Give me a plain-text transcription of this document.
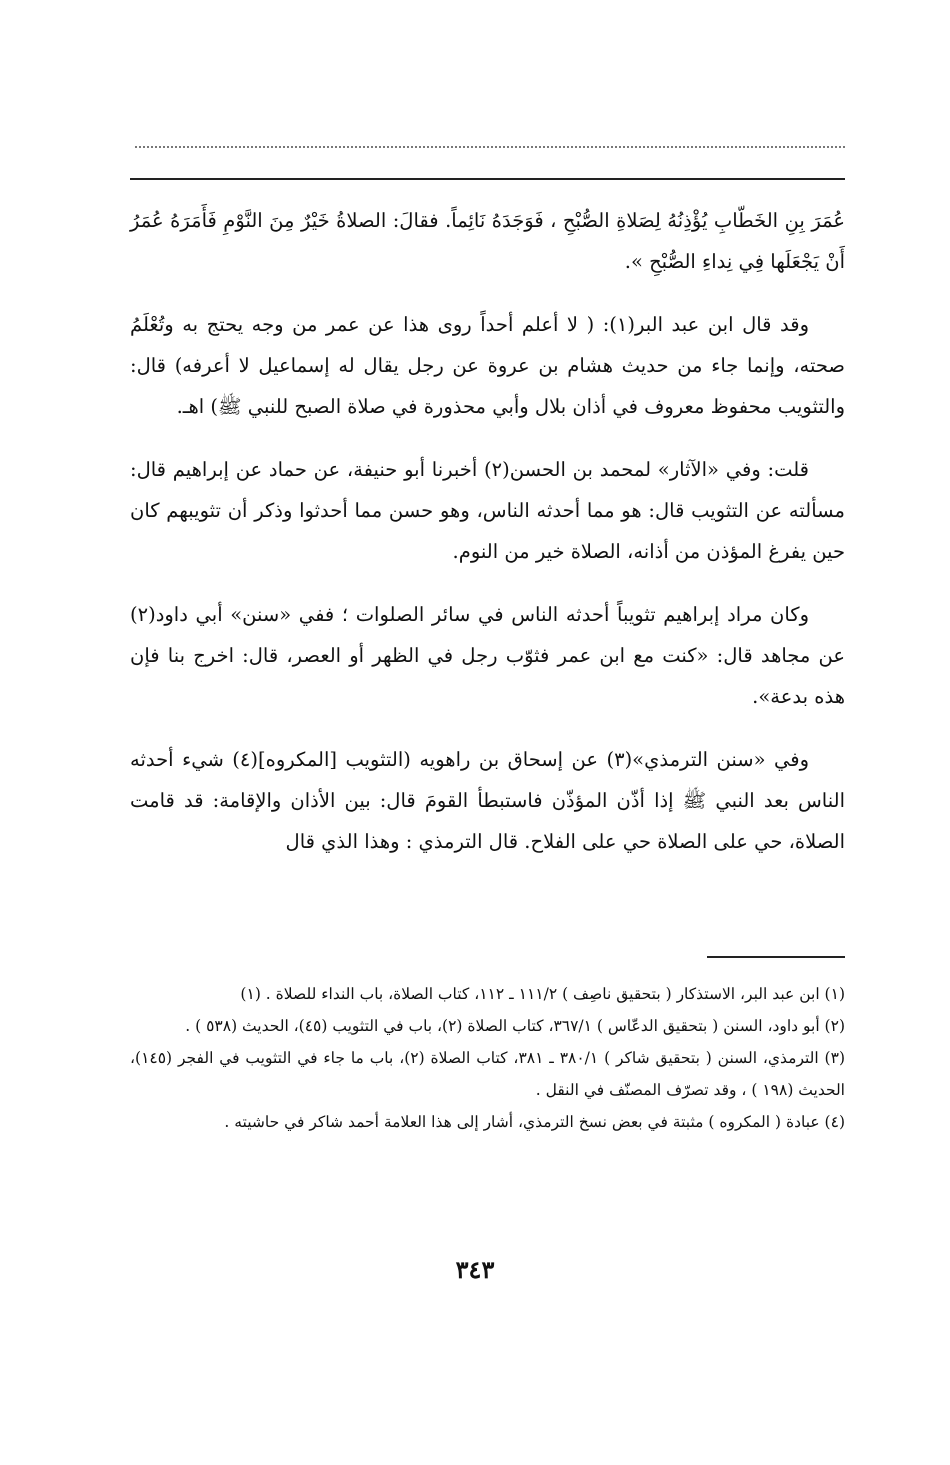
عُمَرَ بِنِ الخَطّابِ يُؤْذِنُهُ لِصَلاةِ الصُّبْحِ ، فَوَجَدَهُ نَائِماً. فقالَ: الصلاةُ خَيْرٌ مِنَ النَّوْمِ فَأَمَرَهُ عُمَرُ أَنْ يَجْعَلَها فِي نِداءِ الصُّبْحِ ».

وقد قال ابن عبد البر(١): ( لا أعلم أحداً روى هذا عن عمر من وجه يحتج به وتُعْلَمُ صحته، وإنما جاء من حديث هشام بن عروة عن رجل يقال له إسماعيل لا أعرفه) قال: والتثويب محفوظ معروف في أذان بلال وأبي محذورة في صلاة الصبح للنبي ﷺ) اهـ.

قلت: وفي «الآثار» لمحمد بن الحسن(٢) أخبرنا أبو حنيفة، عن حماد عن إبراهيم قال: مسألته عن التثويب قال: هو مما أحدثه الناس، وهو حسن مما أحدثوا وذكر أن تثويبهم كان حين يفرغ المؤذن من أذانه، الصلاة خير من النوم.

وكان مراد إبراهيم تثويباً أحدثه الناس في سائر الصلوات ؛ ففي «سنن» أبي داود(٢) عن مجاهد قال: «كنت مع ابن عمر فثوّب رجل في الظهر أو العصر، قال: اخرج بنا فإن هذه بدعة».

وفي «سنن الترمذي»(٣) عن إسحاق بن راهويه (التثويب [المكروه](٤) شيء أحدثه الناس بعد النبي ﷺ إذا أذّن المؤذّن فاستبطأ القومَ قال: بين الأذان والإقامة: قد قامت الصلاة، حي على الصلاة حي على الفلاح. قال الترمذي : وهذا الذي قال

(١) ابن عبد البر، الاستذكار ( بتحقيق ناصِف ) ١١١/٢ ـ ١١٢، كتاب الصلاة، باب النداء للصلاة . (١)

(٢) أبو داود، السنن ( بتحقيق الدعّاس ) ٣٦٧/١، كتاب الصلاة (٢)، باب في التثويب (٤٥)، الحديث (٥٣٨ ) .

(٣) الترمذي، السنن ( بتحقيق شاكر ) ٣٨٠/١ ـ ٣٨١، كتاب الصلاة (٢)، باب ما جاء في التثويب في الفجر (١٤٥)، الحديث (١٩٨ ) ، وقد تصرّف المصنّف في النقل .

(٤) عبادة ( المكروه ) مثبتة في بعض نسخ الترمذي، أشار إلى هذا العلامة أحمد شاكر في حاشيته .

٣٤٣
